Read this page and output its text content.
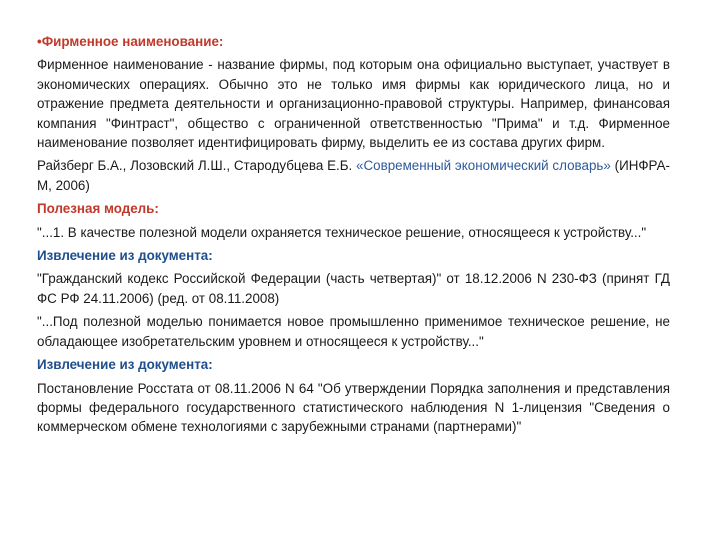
•Фирменное наименование:

Фирменное наименование - название фирмы, под которым она официально выступает, участвует в экономических операциях. Обычно это не только имя фирмы как юридического лица, но и отражение предмета деятельности и организационно-правовой структуры. Например, финансовая компания "Финтраст", общество с ограниченной ответственностью "Прима" и т.д. Фирменное наименование позволяет идентифицировать фирму, выделить ее из состава других фирм.

Райзберг Б.А., Лозовский Л.Ш., Стародубцева Е.Б. «Современный экономический словарь» (ИНФРА-М, 2006)

Полезная модель:

"...1. В качестве полезной модели охраняется техническое решение, относящееся к устройству..."

Извлечение из документа:

"Гражданский кодекс Российской Федерации (часть четвертая)" от 18.12.2006 N 230-ФЗ (принят ГД ФС РФ 24.11.2006) (ред. от 08.11.2008)

"...Под полезной моделью понимается новое промышленно применимое техническое решение, не обладающее изобретательским уровнем и относящееся к устройству..."

Извлечение из документа:

Постановление Росстата от 08.11.2006 N 64 "Об утверждении Порядка заполнения и представления формы федерального государственного статистического наблюдения N 1-лицензия "Сведения о коммерческом обмене технологиями с зарубежными странами (партнерами)"
